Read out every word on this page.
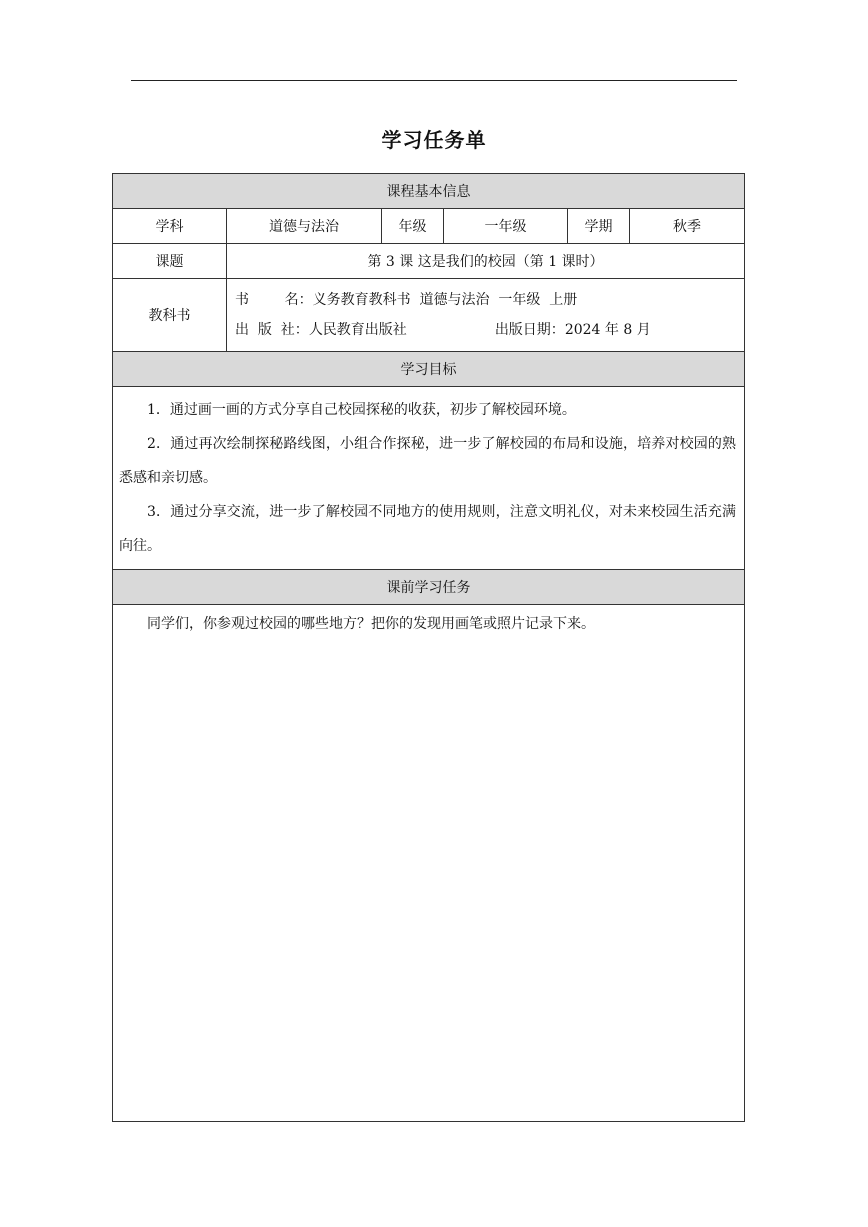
学习任务单
课程基本信息					
学科	道德与法治	年级	一年级	学期	秋季
课题	第 3 课 这是我们的校园（第 1 课时）				
教科书	书        名：义务教育教科书  道德与法治  一年级  上册
出  版  社：人民教育出版社 出版日期：2024 年 8 月				

学习目标					

1．通过画一画的方式分享自己校园探秘的收获，初步了解校园环境。

2．通过再次绘制探秘路线图，小组合作探秘，进一步了解校园的布局和设施，培养对校园的熟悉感和亲切感。

3．通过分享交流，进一步了解校园不同地方的使用规则，注意文明礼仪，对未来校园生活充满向往。					

课前学习任务					

同学们，你参观过校园的哪些地方？把你的发现用画笔或照片记录下来。					
